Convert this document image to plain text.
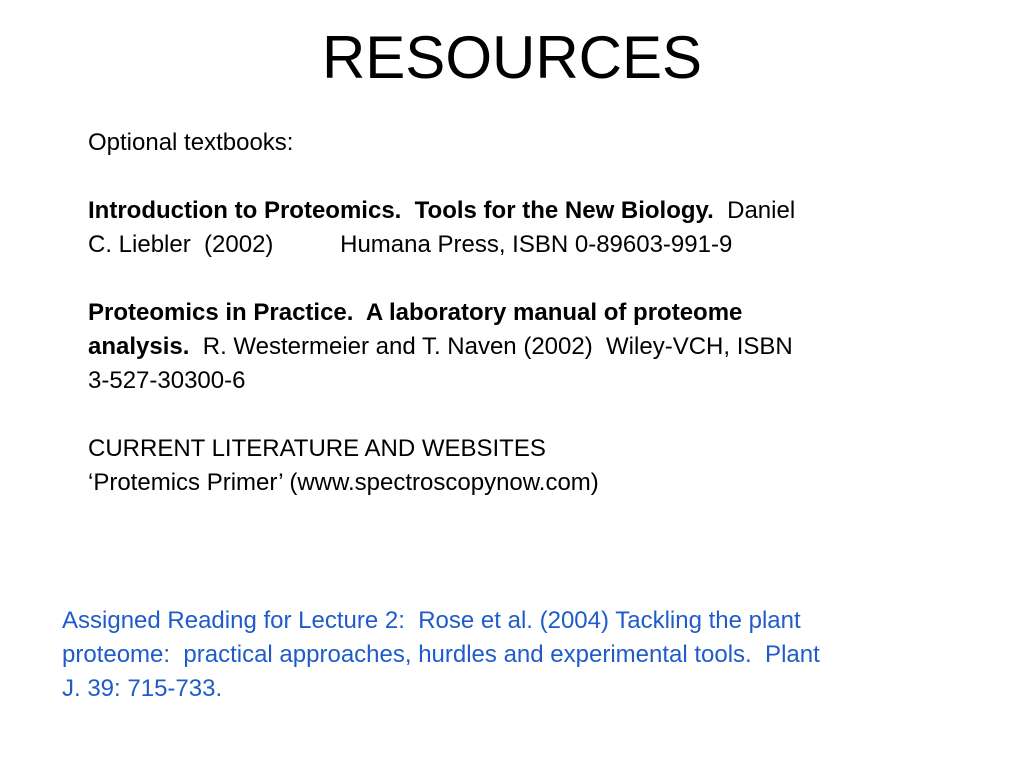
RESOURCES
Optional textbooks:
Introduction to Proteomics.  Tools for the New Biology.  Daniel
C. Liebler  (2002)          Humana Press, ISBN 0-89603-991-9
Proteomics in Practice.  A laboratory manual of proteome
analysis.  R. Westermeier and T. Naven (2002)  Wiley-VCH, ISBN
3-527-30300-6
CURRENT LITERATURE AND WEBSITES
‘Protemics Primer’ (www.spectroscopynow.com)
Assigned Reading for Lecture 2:  Rose et al. (2004) Tackling the plant
proteome:  practical approaches, hurdles and experimental tools.  Plant
J. 39: 715-733.
